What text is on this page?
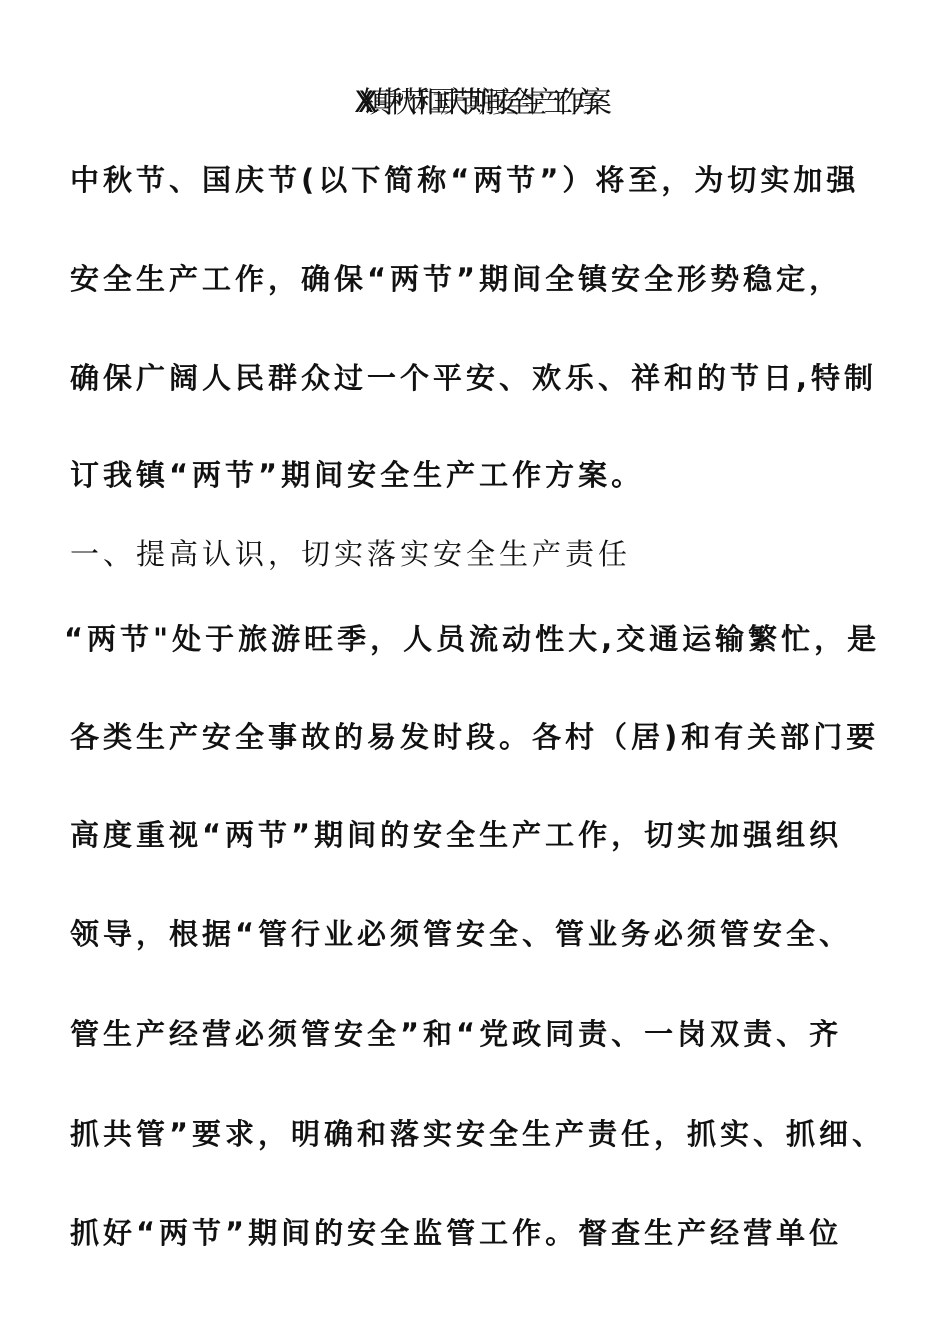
XX镇中秋节和国庆节期间安全生产工作方案
中秋节、国庆节(以下简称“两节”）将至，为切实加强
安全生产工作，确保“两节”期间全镇安全形势稳定，
确保广阔人民群众过一个平安、欢乐、祥和的节日,特制
订我镇“两节”期间安全生产工作方案。
一、提高认识，切实落实安全生产责任
“两节"处于旅游旺季，人员流动性大,交通运输繁忙，是
各类生产安全事故的易发时段。各村（居)和有关部门要
高度重视“两节”期间的安全生产工作，切实加强组织
领导，根据“管行业必须管安全、管业务必须管安全、
管生产经营必须管安全”和“党政同责、一岗双责、齐
抓共管”要求，明确和落实安全生产责任，抓实、抓细、
抓好“两节”期间的安全监管工作。督查生产经营单位
